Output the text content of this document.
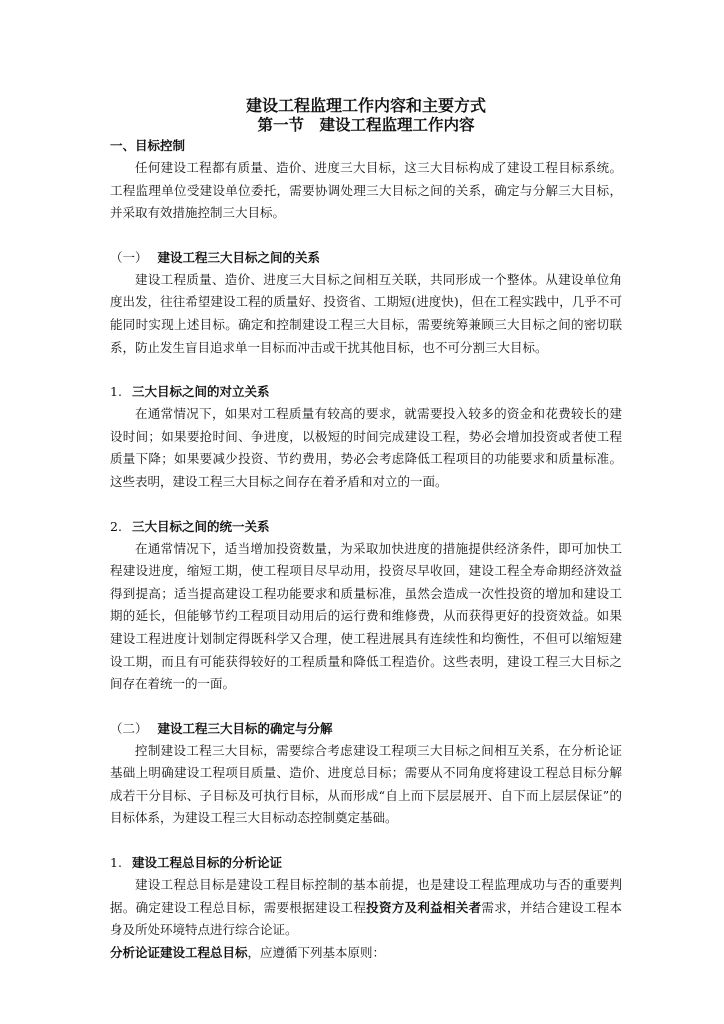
建设工程监理工作内容和主要方式
第一节　建设工程监理工作内容
一、目标控制

任何建设工程都有质量、造价、进度三大目标，这三大目标构成了建设工程目标系统。工程监理单位受建设单位委托，需要协调处理三大目标之间的关系，确定与分解三大目标，并采取有效措施控制三大目标。

（一） 建设工程三大目标之间的关系

建设工程质量、造价、进度三大目标之间相互关联，共同形成一个整体。从建设单位角度出发，往往希望建设工程的质量好、投资省、工期短(进度快)，但在工程实践中，几乎不可能同时实现上述目标。确定和控制建设工程三大目标，需要统筹兼顾三大目标之间的密切联系，防止发生盲目追求单一目标而冲击或干扰其他目标，也不可分割三大目标。

1. 三大目标之间的对立关系

在通常情况下，如果对工程质量有较高的要求，就需要投入较多的资金和花费较长的建设时间；如果要抢时间、争进度，以极短的时间完成建设工程，势必会增加投资或者使工程质量下降；如果要减少投资、节约费用，势必会考虑降低工程项目的功能要求和质量标准。这些表明，建设工程三大目标之间存在着矛盾和对立的一面。

2. 三大目标之间的统一关系

在通常情况下，适当增加投资数量，为采取加快进度的措施提供经济条件，即可加快工程建设进度，缩短工期，使工程项目尽早动用，投资尽早收回，建设工程全寿命期经济效益得到提高；适当提高建设工程功能要求和质量标准，虽然会造成一次性投资的增加和建设工期的延长，但能够节约工程项目动用后的运行费和维修费，从而获得更好的投资效益。如果建设工程进度计划制定得既科学又合理，使工程进展具有连续性和均衡性，不但可以缩短建设工期，而且有可能获得较好的工程质量和降低工程造价。这些表明，建设工程三大目标之间存在着统一的一面。

（二） 建设工程三大目标的确定与分解

控制建设工程三大目标，需要综合考虑建设工程项三大目标之间相互关系，在分析论证基础上明确建设工程项目质量、造价、进度总目标；需要从不同角度将建设工程总目标分解成若干分目标、子目标及可执行目标，从而形成“自上而下层层展开、自下而上层层保证”的目标体系，为建设工程三大目标动态控制奠定基础。

1. 建设工程总目标的分析论证

建设工程总目标是建设工程目标控制的基本前提，也是建设工程监理成功与否的重要判据。确定建设工程总目标，需要根据建设工程投资方及利益相关者需求，并结合建设工程本身及所处环境特点进行综合论证。

分析论证建设工程总目标，应遵循下列基本原则：
